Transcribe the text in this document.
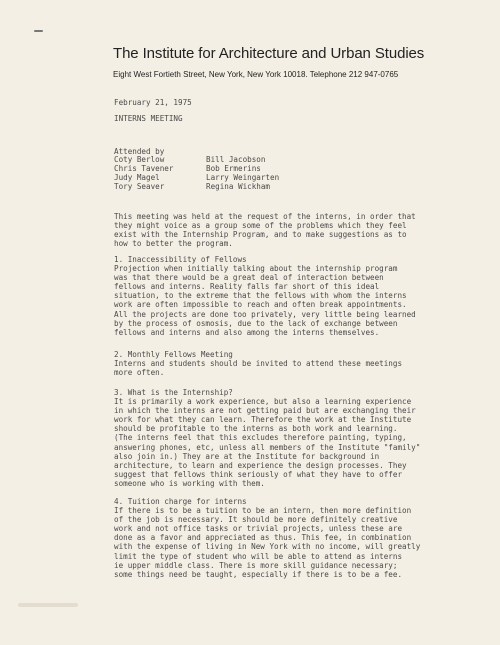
The Institute for Architecture and Urban Studies
Eight West Fortieth Street, New York, New York 10018. Telephone 212 947-0765
February 21, 1975
INTERNS MEETING
Attended by
Coty Berlow
Chris Tavener
Judy Magel
Tory Seaver
Bill Jacobson
Bob Ermerins
Larry Weingarten
Regina Wickham
This meeting was held at the request of the interns, in order that
they might voice as a group some of the problems which they feel
exist with the Internship Program, and to make suggestions as to
how to better the program.
1. Inaccessibility of Fellows
Projection when initially talking about the internship program
was that there would be a great deal of interaction between
fellows and interns. Reality falls far short of this ideal
situation, to the extreme that the fellows with whom the interns
work are often impossible to reach and often break appointments.
All the projects are done too privately, very little being learned
by the process of osmosis, due to the lack of exchange between
fellows and interns and also among the interns themselves.
2. Monthly Fellows Meeting
Interns and students should be invited to attend these meetings
more often.
3. What is the Internship?
It is primarily a work experience, but also a learning experience
in which the interns are not getting paid but are exchanging their
work for what they can learn. Therefore the work at the Institute
should be profitable to the interns as both work and learning.
(The interns feel that this excludes therefore painting, typing,
answering phones, etc, unless all members of the Institute "family"
also join in.) They are at the Institute for background in
architecture, to learn and experience the design processes. They
suggest that fellows think seriously of what they have to offer
someone who is working with them.
4. Tuition charge for interns
If there is to be a tuition to be an intern, then more definition
of the job is necessary. It should be more definitely creative
work and not office tasks or trivial projects, unless these are
done as a favor and appreciated as thus. This fee, in combination
with the expense of living in New York with no income, will greatly
limit the type of student who will be able to attend as interns
ie upper middle class. There is more skill guidance necessary;
some things need be taught, especially if there is to be a fee.
